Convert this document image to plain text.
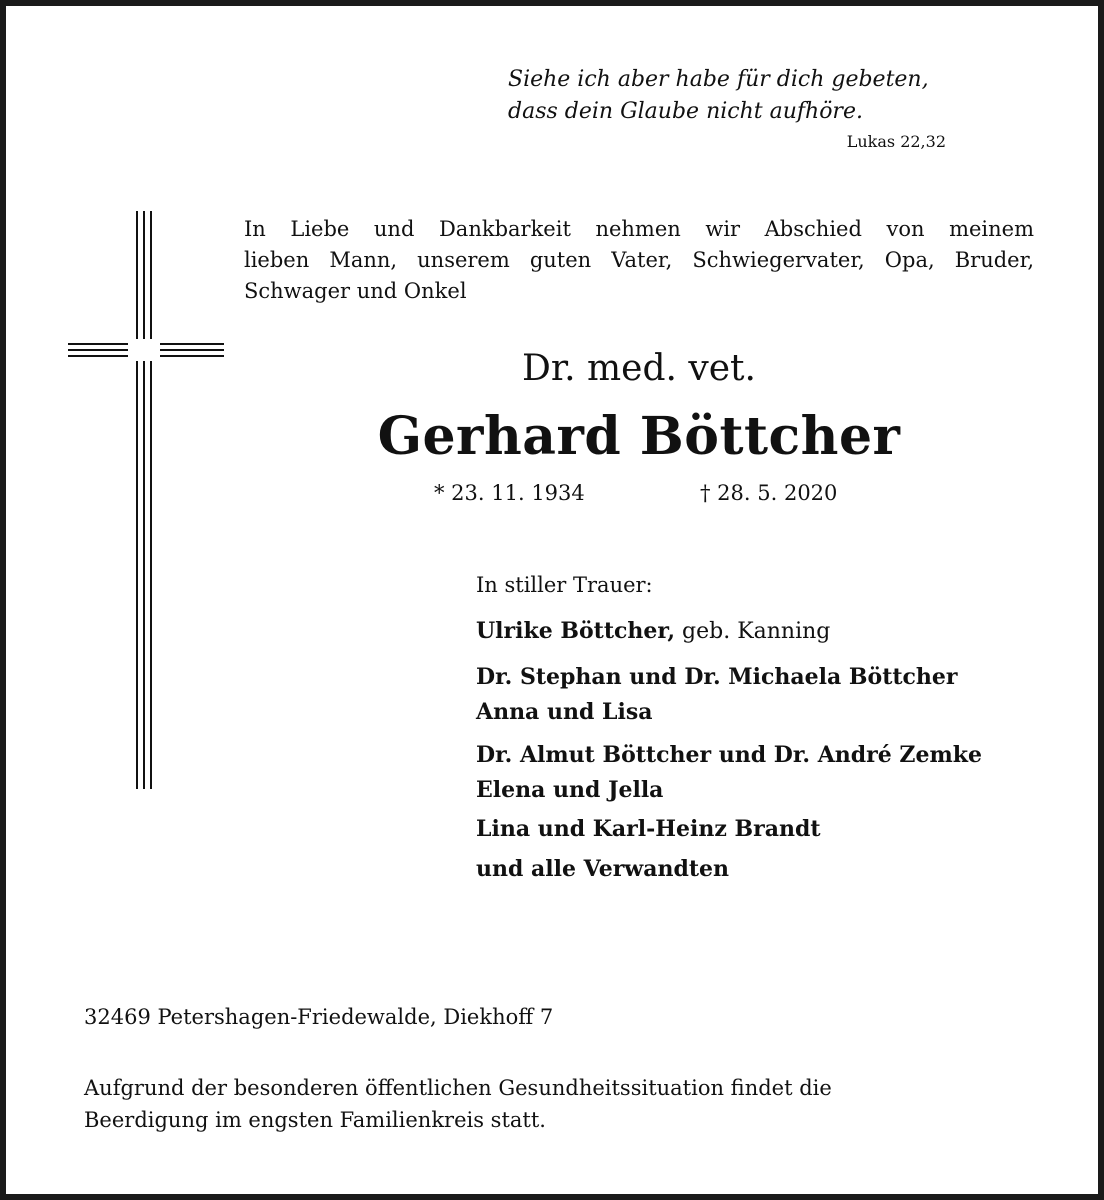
Siehe ich aber habe für dich gebeten,
dass dein Glaube nicht aufhöre.
Lukas 22,32
In Liebe und Dankbarkeit nehmen wir Abschied von meinem
lieben Mann, unserem guten Vater, Schwiegervater, Opa, Bruder,
Schwager und Onkel
Dr. med. vet.
Gerhard Böttcher
* 23. 11. 1934	† 28. 5. 2020
In stiller Trauer:
Ulrike Böttcher, geb. Kanning
Dr. Stephan und Dr. Michaela Böttcher
Anna und Lisa
Dr. Almut Böttcher und Dr. André Zemke
Elena und Jella
Lina und Karl-Heinz Brandt
und alle Verwandten
32469 Petershagen-Friedewalde, Diekhoff 7
Aufgrund der besonderen öffentlichen Gesundheitssituation findet die
Beerdigung im engsten Familienkreis statt.
